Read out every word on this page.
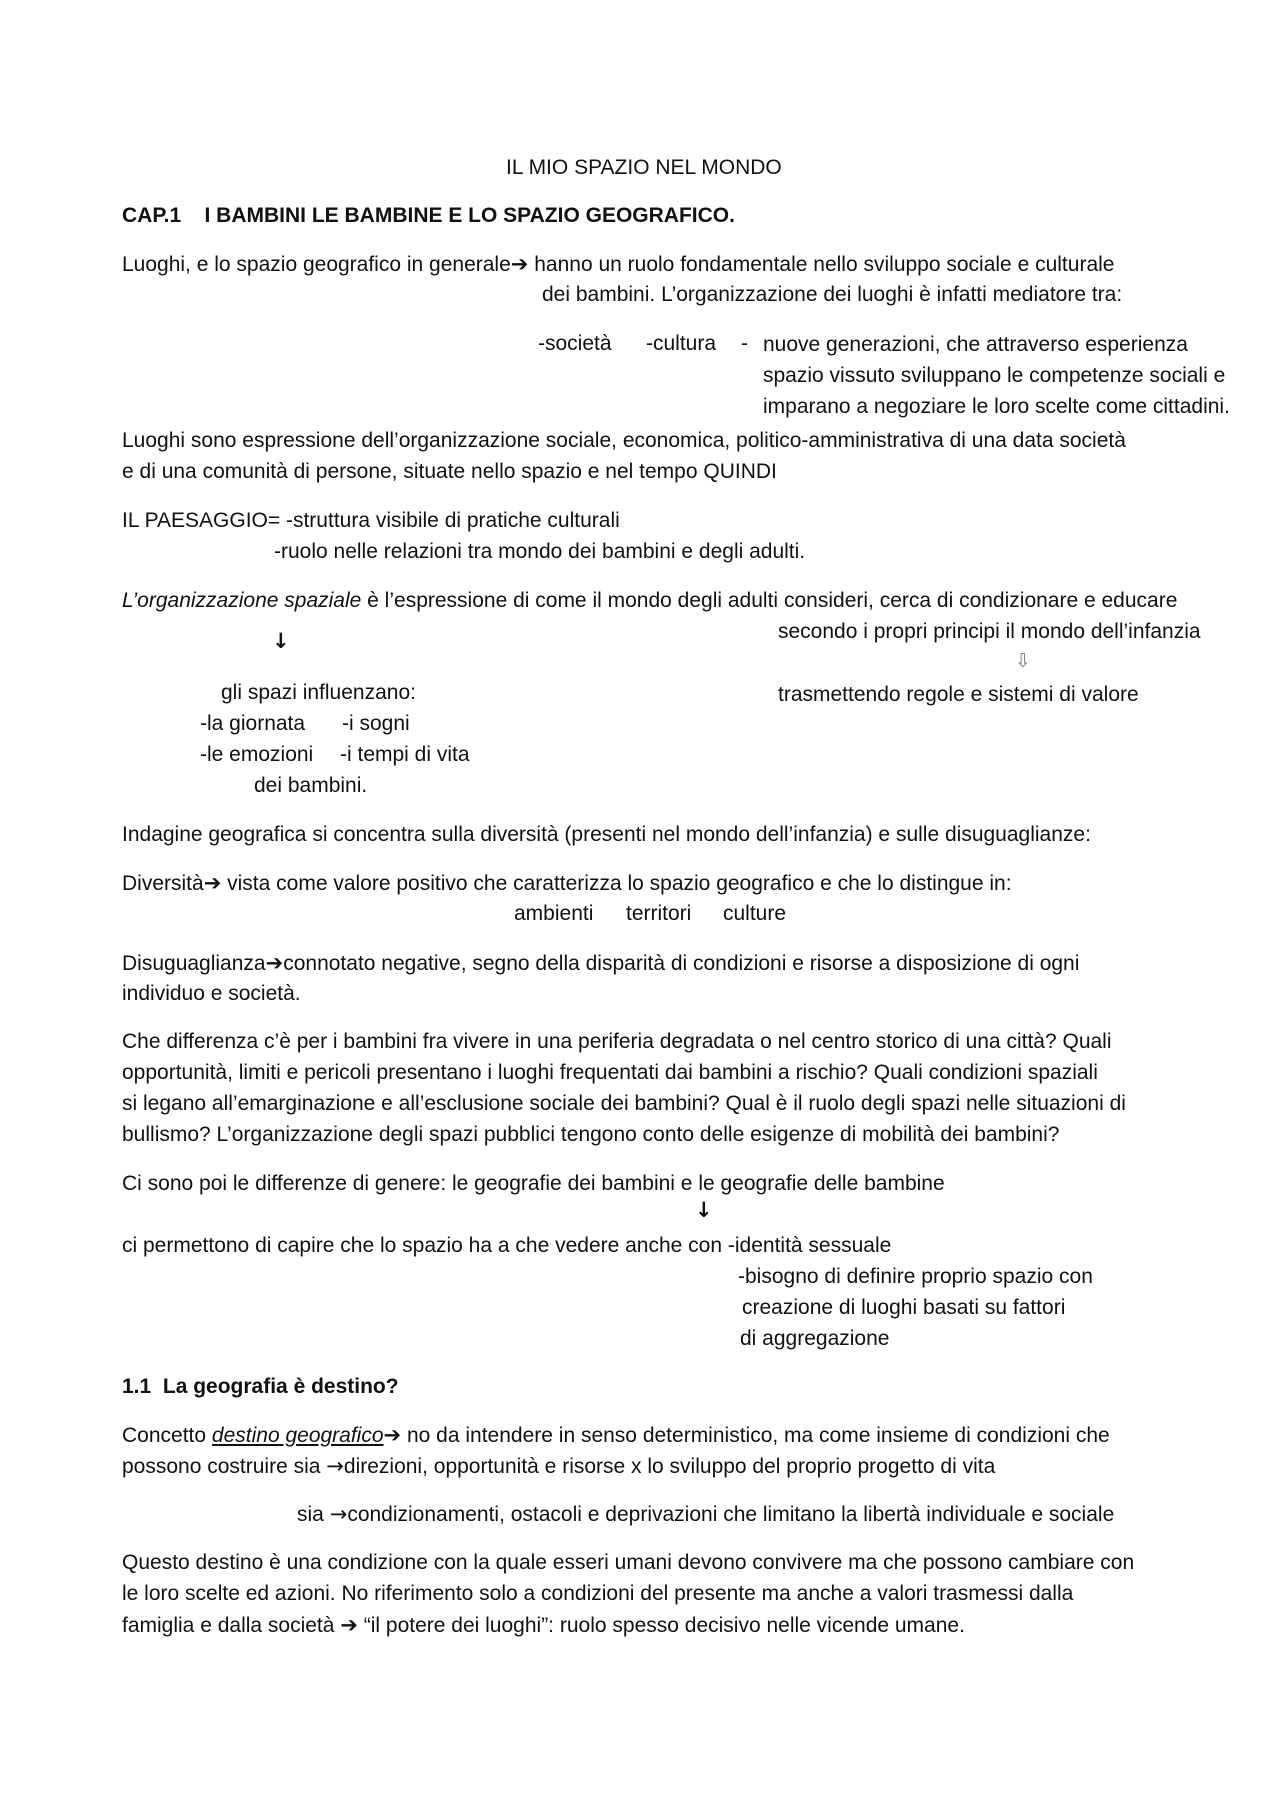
IL MIO SPAZIO NEL MONDO
CAP.1 I BAMBINI LE BAMBINE E LO SPAZIO GEOGRAFICO.
Luoghi, e lo spazio geografico in generale➔ hanno un ruolo fondamentale nello sviluppo sociale e culturale
dei bambini. L’organizzazione dei luoghi è infatti mediatore tra:
-società -cultura - nuove generazioni, che attraverso esperienza
spazio vissuto sviluppano le competenze sociali e
imparano a negoziare le loro scelte come cittadini.
Luoghi sono espressione dell’organizzazione sociale, economica, politico-amministrativa di una data società
e di una comunità di persone, situate nello spazio e nel tempo QUINDI
IL PAESAGGIO= -struttura visibile di pratiche culturali
-ruolo nelle relazioni tra mondo dei bambini e degli adulti.
L’organizzazione spaziale è l’espressione di come il mondo degli adulti consideri, cerca di condizionare e educare
secondo i propri principi il mondo dell’infanzia
↓
⇩
trasmettendo regole e sistemi di valore
gli spazi influenzano:
-la giornata -i sogni
-le emozioni -i tempi di vita
dei bambini.
Indagine geografica si concentra sulla diversità (presenti nel mondo dell’infanzia) e sulle disuguaglianze:
Diversità➔ vista come valore positivo che caratterizza lo spazio geografico e che lo distingue in:
ambienti territori culture
Disuguaglianza➔connotato negative, segno della disparità di condizioni e risorse a disposizione di ogni
individuo e società.
Che differenza c’è per i bambini fra vivere in una periferia degradata o nel centro storico di una città? Quali
opportunità, limiti e pericoli presentano i luoghi frequentati dai bambini a rischio? Quali condizioni spaziali
si legano all’emarginazione e all’esclusione sociale dei bambini? Qual è il ruolo degli spazi nelle situazioni di
bullismo? L’organizzazione degli spazi pubblici tengono conto delle esigenze di mobilità dei bambini?
Ci sono poi le differenze di genere: le geografie dei bambini e le geografie delle bambine
↓
ci permettono di capire che lo spazio ha a che vedere anche con -identità sessuale
-bisogno di definire proprio spazio con
creazione di luoghi basati su fattori
di aggregazione
1.1 La geografia è destino?
Concetto destino geografico➔ no da intendere in senso deterministico, ma come insieme di condizioni che
possono costruire sia →direzioni, opportunità e risorse x lo sviluppo del proprio progetto di vita
sia →condizionamenti, ostacoli e deprivazioni che limitano la libertà individuale e sociale
Questo destino è una condizione con la quale esseri umani devono convivere ma che possono cambiare con
le loro scelte ed azioni. No riferimento solo a condizioni del presente ma anche a valori trasmessi dalla
famiglia e dalla società ➔ “il potere dei luoghi”: ruolo spesso decisivo nelle vicende umane.
